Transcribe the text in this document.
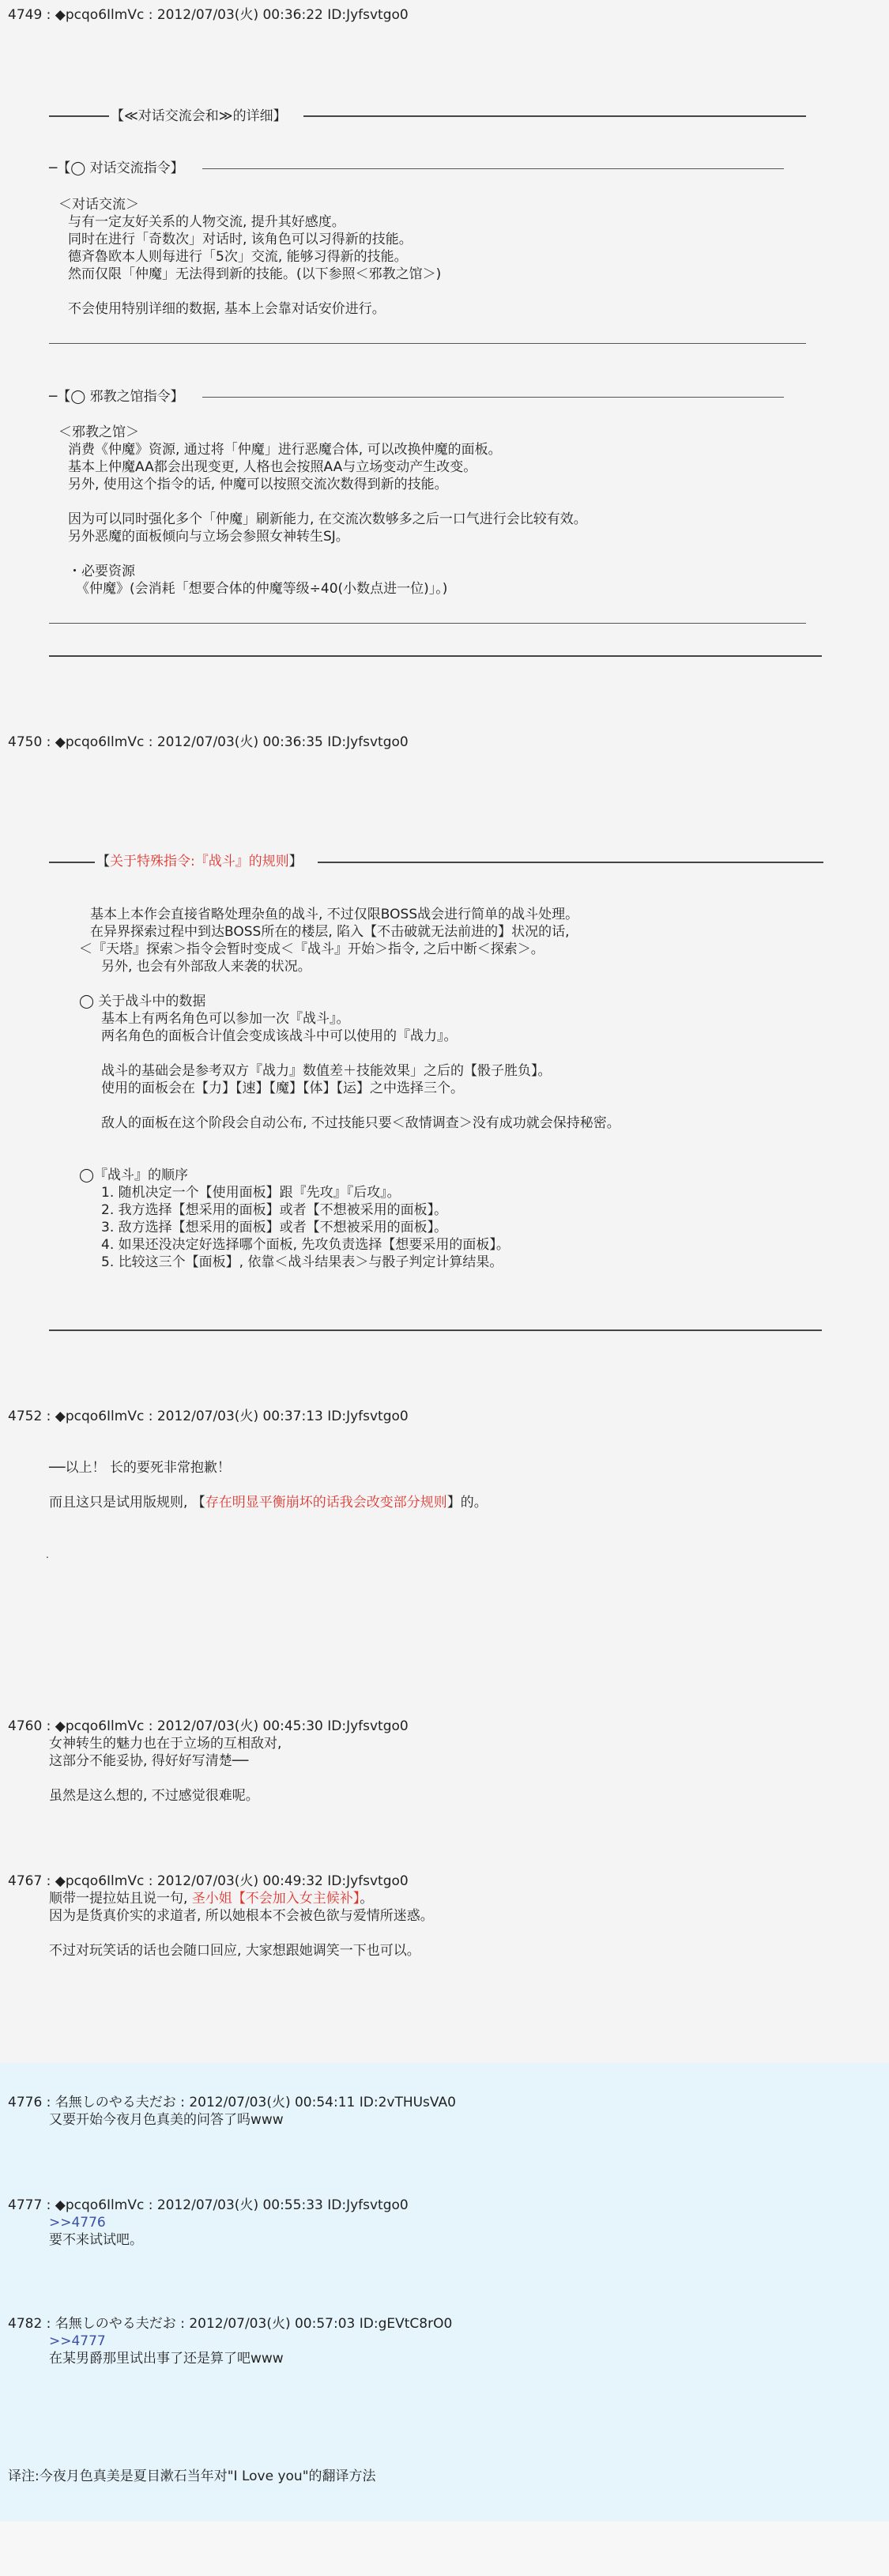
4749 : ◆pcqo6IlmVc : 2012/07/03(火) 00:36:22 ID:Jyfsvtgo0
【≪对话交流会和≫的详细】
─【◯ 对话交流指令】
＜对话交流＞
与有一定友好关系的人物交流, 提升其好感度。
同时在进行「奇数次」对话时, 该角色可以习得新的技能。
德斉魯欧本人则每进行「5次」交流, 能够习得新的技能。
然而仅限「仲魔」无法得到新的技能。(以下参照＜邪教之馆＞)
不会使用特别详细的数据, 基本上会靠对话安价进行。
─【◯ 邪教之馆指令】
＜邪教之馆＞
消费《仲魔》资源, 通过将「仲魔」进行恶魔合体, 可以改换仲魔的面板。
基本上仲魔AA都会出现变更, 人格也会按照AA与立场变动产生改变。
另外, 使用这个指令的话, 仲魔可以按照交流次数得到新的技能。
因为可以同时强化多个「仲魔」刷新能力, 在交流次数够多之后一口气进行会比较有效。
另外恶魔的面板倾向与立场会参照女神转生SJ。
・必要资源
《仲魔》(会消耗「想要合体的仲魔等级÷40(小数点进一位)」。)
4750 : ◆pcqo6IlmVc : 2012/07/03(火) 00:36:35 ID:Jyfsvtgo0
【关于特殊指令:『战斗』的规则】
基本上本作会直接省略处理杂鱼的战斗, 不过仅限BOSS战会进行简单的战斗处理。
在异界探索过程中到达BOSS所在的楼层, 陷入【不击破就无法前进的】状况的话,
＜『天塔』探索＞指令会暂时变成＜『战斗』开始＞指令, 之后中断＜探索＞。
另外, 也会有外部敌人来袭的状况。
◯ 关于战斗中的数据
基本上有两名角色可以参加一次『战斗』。
两名角色的面板合计值会变成该战斗中可以使用的『战力』。
战斗的基础会是参考双方『战力』数值差＋技能效果」之后的【骰子胜负】。
使用的面板会在【力】【速】【魔】【体】【运】之中选择三个。
敌人的面板在这个阶段会自动公布, 不过技能只要＜敌情调查＞没有成功就会保持秘密。
◯『战斗』的顺序
1. 随机决定一个【使用面板】跟『先攻』『后攻』。
2. 我方选择【想采用的面板】或者【不想被采用的面板】。
3. 敌方选择【想采用的面板】或者【不想被采用的面板】。
4. 如果还没决定好选择哪个面板, 先攻负责选择【想要采用的面板】。
5. 比较这三个【面板】, 依靠＜战斗结果表＞与骰子判定计算结果。
4752 : ◆pcqo6IlmVc : 2012/07/03(火) 00:37:13 ID:Jyfsvtgo0
──以上！ 长的要死非常抱歉！
而且这只是试用版规则, 【存在明显平衡崩坏的话我会改变部分规则】的。
.
4760 : ◆pcqo6IlmVc : 2012/07/03(火) 00:45:30 ID:Jyfsvtgo0
女神转生的魅力也在于立场的互相敌对,
这部分不能妥协, 得好好写清楚──
虽然是这么想的, 不过感觉很难呢。
4767 : ◆pcqo6IlmVc : 2012/07/03(火) 00:49:32 ID:Jyfsvtgo0
顺带一提拉姑且说一句, 圣小姐【不会加入女主候补】。
因为是货真价实的求道者, 所以她根本不会被色欲与爱情所迷惑。
不过对玩笑话的话也会随口回应, 大家想跟她调笑一下也可以。
4776 : 名無しのやる夫だお : 2012/07/03(火) 00:54:11 ID:2vTHUsVA0
又要开始今夜月色真美的问答了吗www
4777 : ◆pcqo6IlmVc : 2012/07/03(火) 00:55:33 ID:Jyfsvtgo0
>>4776
要不来试试吧。
4782 : 名無しのやる夫だお : 2012/07/03(火) 00:57:03 ID:gEVtC8rO0
>>4777
在某男爵那里试出事了还是算了吧www
译注:今夜月色真美是夏目漱石当年对"I Love you"的翻译方法
